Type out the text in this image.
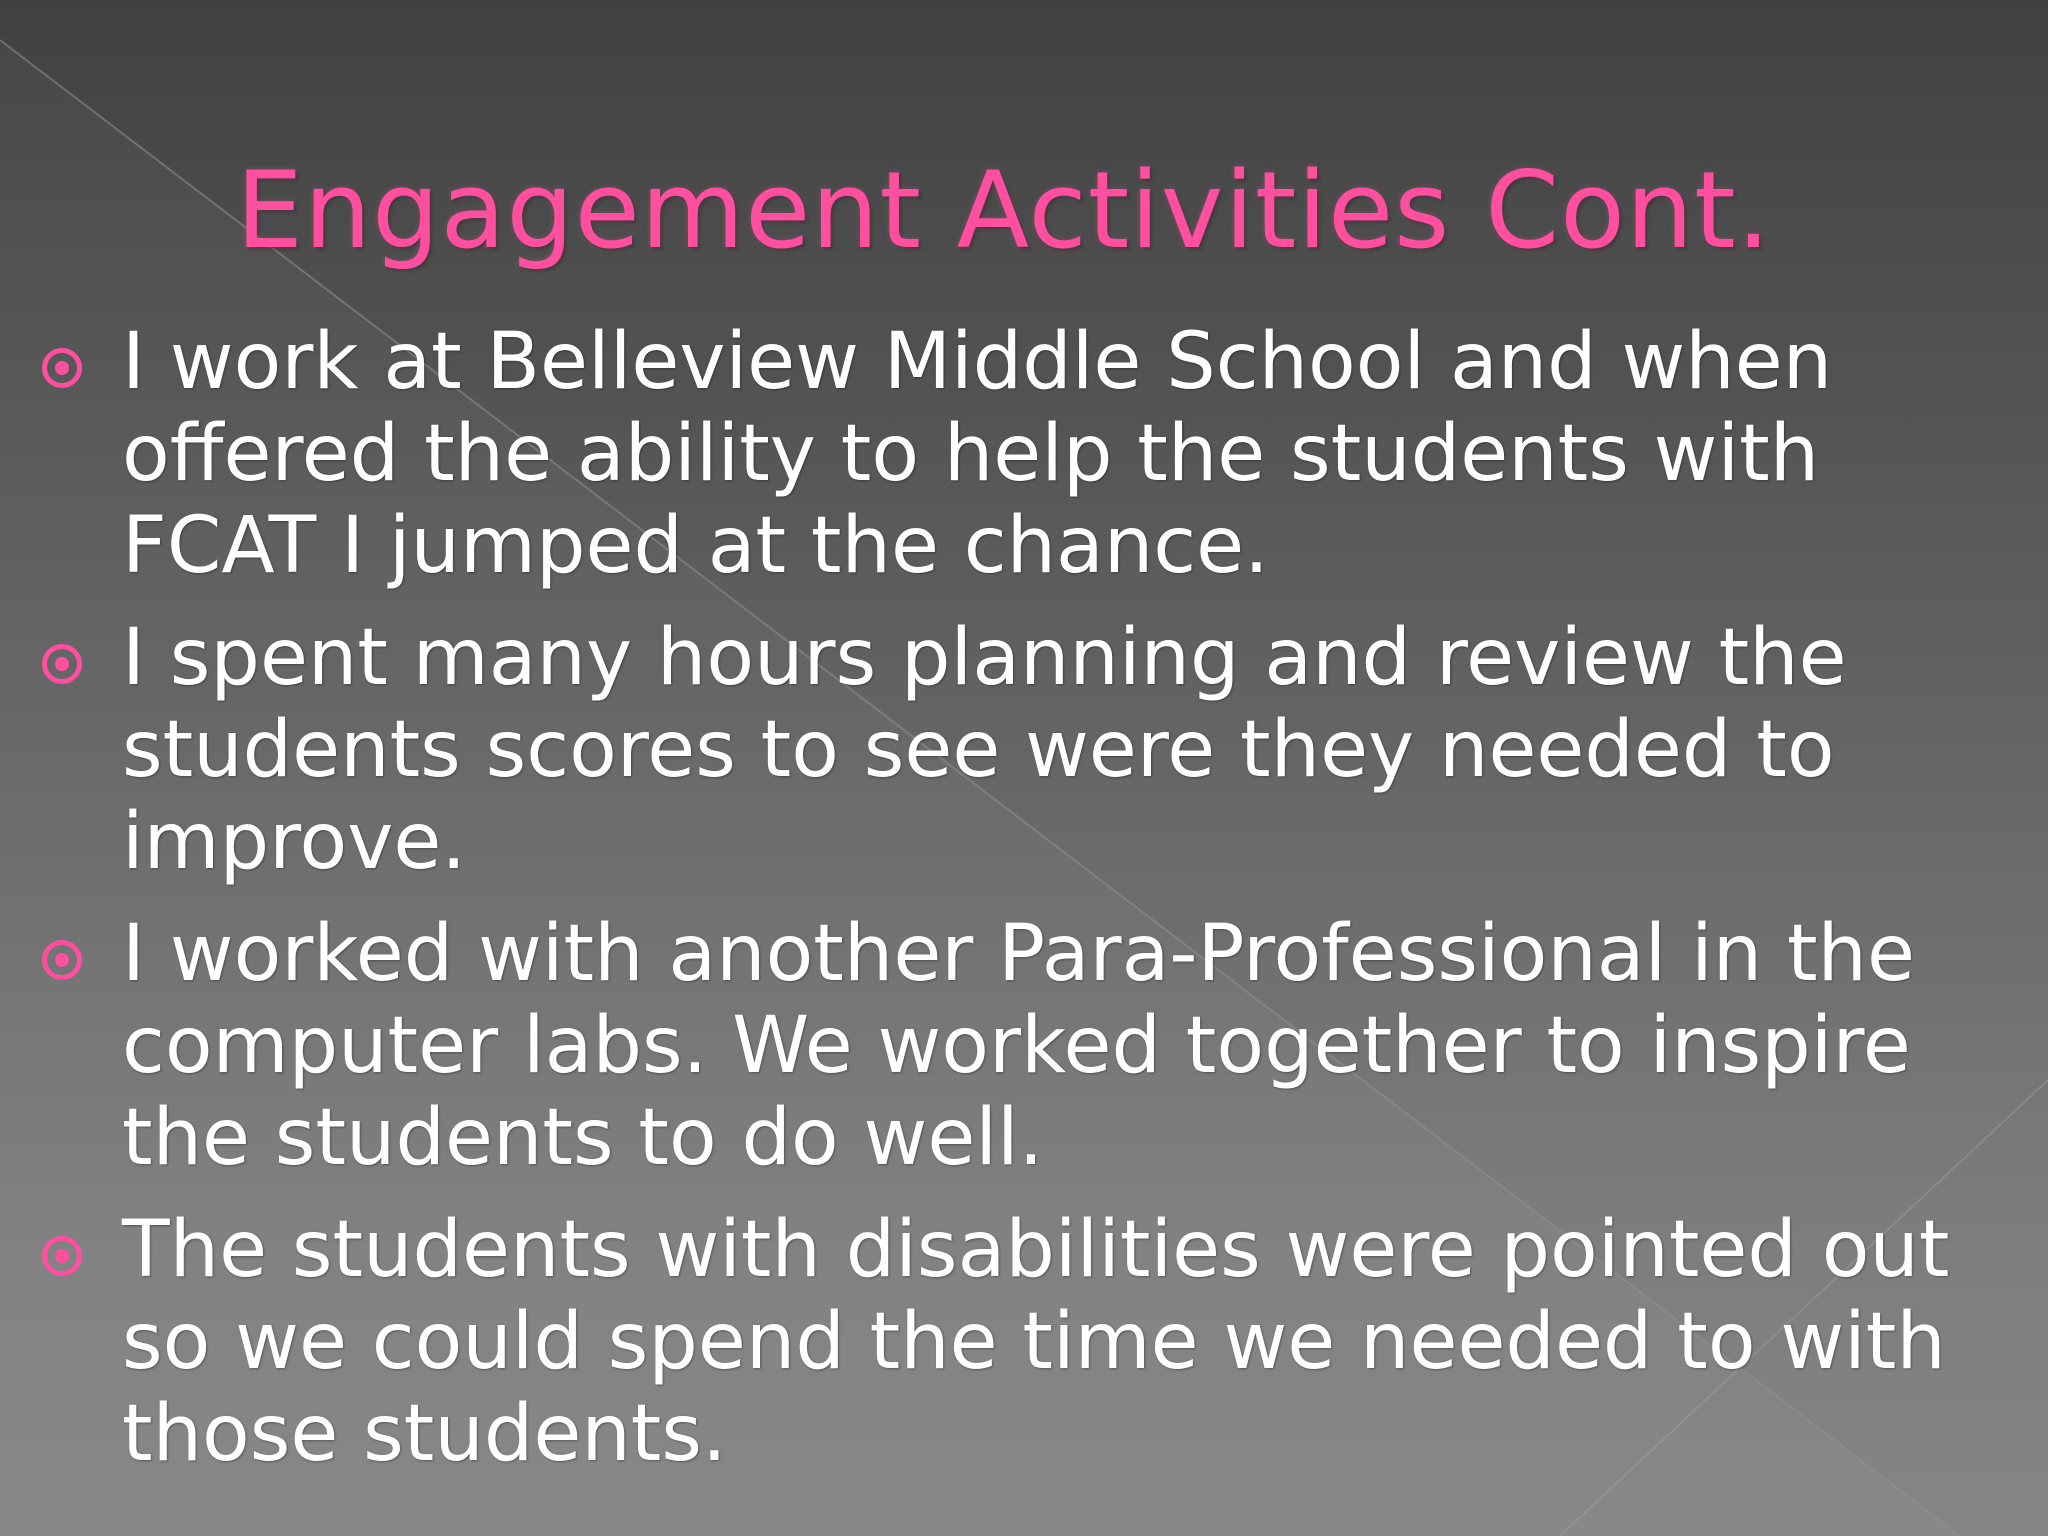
Engagement Activities Cont.
I work at Belleview Middle School and when offered the ability to help the students with FCAT I jumped at the chance.
I spent many hours planning and review the students scores to see were they needed to improve.
I worked with another Para-Professional in the computer labs. We worked together to inspire the students to do well.
The students with disabilities were pointed out so we could spend the time we needed to with those students.
